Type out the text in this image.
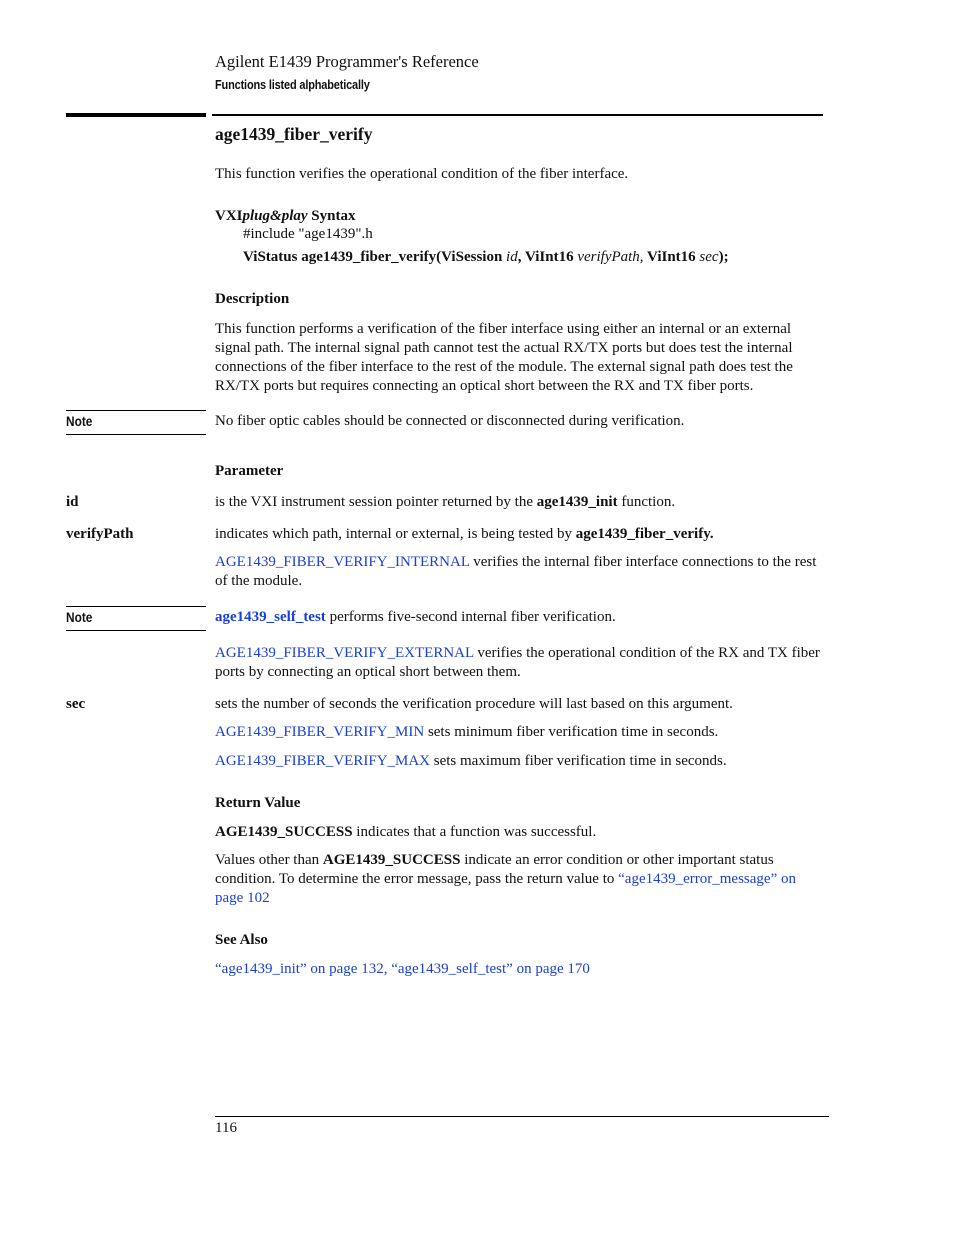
Agilent E1439 Programmer's Reference
Functions listed alphabetically
age1439_fiber_verify
This function verifies the operational condition of the fiber interface.
VXIplug&play Syntax
#include "age1439".h
ViStatus age1439_fiber_verify(ViSession id, ViInt16 verifyPath, ViInt16 sec);
Description
This function performs a verification of the fiber interface using either an internal or an external signal path. The internal signal path cannot test the actual RX/TX ports but does test the internal connections of the fiber interface to the rest of the module. The external signal path does test the RX/TX ports but requires connecting an optical short between the RX and TX fiber ports.
Note	No fiber optic cables should be connected or disconnected during verification.
Parameter
id	is the VXI instrument session pointer returned by the age1439_init function.
verifyPath	indicates which path, internal or external, is being tested by age1439_fiber_verify.
AGE1439_FIBER_VERIFY_INTERNAL verifies the internal fiber interface connections to the rest of the module.
Note	age1439_self_test performs five-second internal fiber verification.
AGE1439_FIBER_VERIFY_EXTERNAL verifies the operational condition of the RX and TX fiber ports by connecting an optical short between them.
sec	sets the number of seconds the verification procedure will last based on this argument.
AGE1439_FIBER_VERIFY_MIN sets minimum fiber verification time in seconds.
AGE1439_FIBER_VERIFY_MAX sets maximum fiber verification time in seconds.
Return Value
AGE1439_SUCCESS indicates that a function was successful.
Values other than AGE1439_SUCCESS indicate an error condition or other important status condition. To determine the error message, pass the return value to “age1439_error_message” on page 102
See Also
“age1439_init” on page 132, “age1439_self_test” on page 170
116
